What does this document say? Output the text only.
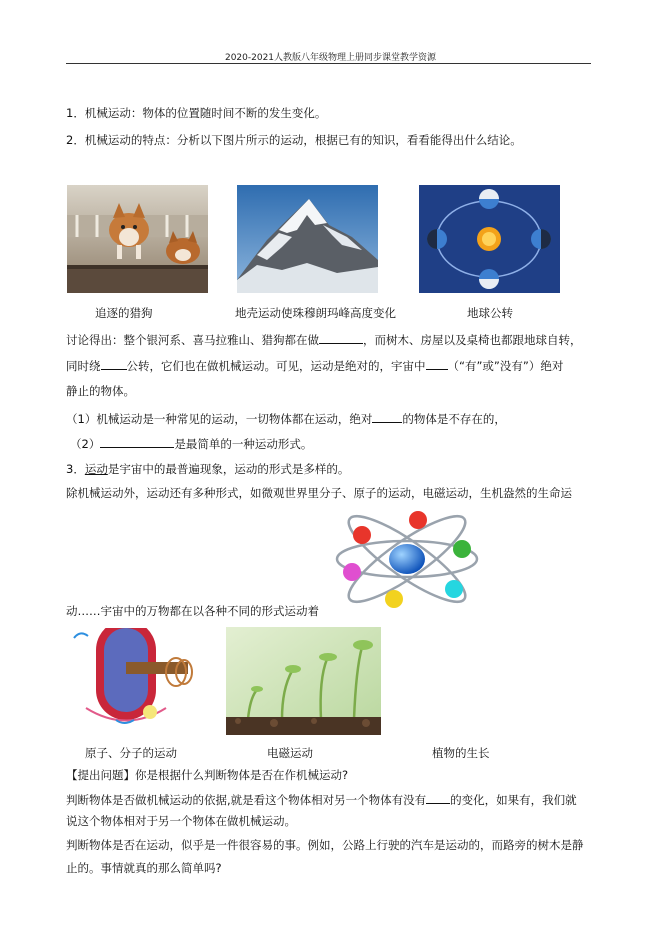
2020-2021人教版八年级物理上册同步课堂教学资源
1．机械运动：物体的位置随时间不断的发生变化。
2．机械运动的特点：分析以下图片所示的运动，根据已有的知识，看看能得出什么结论。
追逐的猎狗	地壳运动使珠穆朗玛峰高度变化	地球公转
讨论得出：整个银河系、喜马拉雅山、猎狗都在做	，而树木、房屋以及桌椅也都跟地球自转，
同时绕 公转，它们也在做机械运动。可见，运动是绝对的，宇宙中 （“有”或”没有”）绝对
静止的物体。
（1）机械运动是一种常见的运动，一切物体都在运动，绝对	的物体是不存在的，
（2）	是最简单的一种运动形式。
3．运动是宇宙中的最普遍现象，运动的形式是多样的。
除机械运动外，运动还有多种形式，如微观世界里分子、原子的运动，电磁运动，生机盎然的生命运
动……宇宙中的万物都在以各种不同的形式运动着
原子、分子的运动	电磁运动	植物的生长
【提出问题】你是根据什么判断物体是否在作机械运动?
判断物体是否做机械运动的依据,就是看这个物体相对另一个物体有没有 的变化，如果有，我们就
说这个物体相对于另一个物体在做机械运动。
判断物体是否在运动，似乎是一件很容易的事。例如，公路上行驶的汽车是运动的，而路旁的树木是静
止的。事情就真的那么简单吗?
